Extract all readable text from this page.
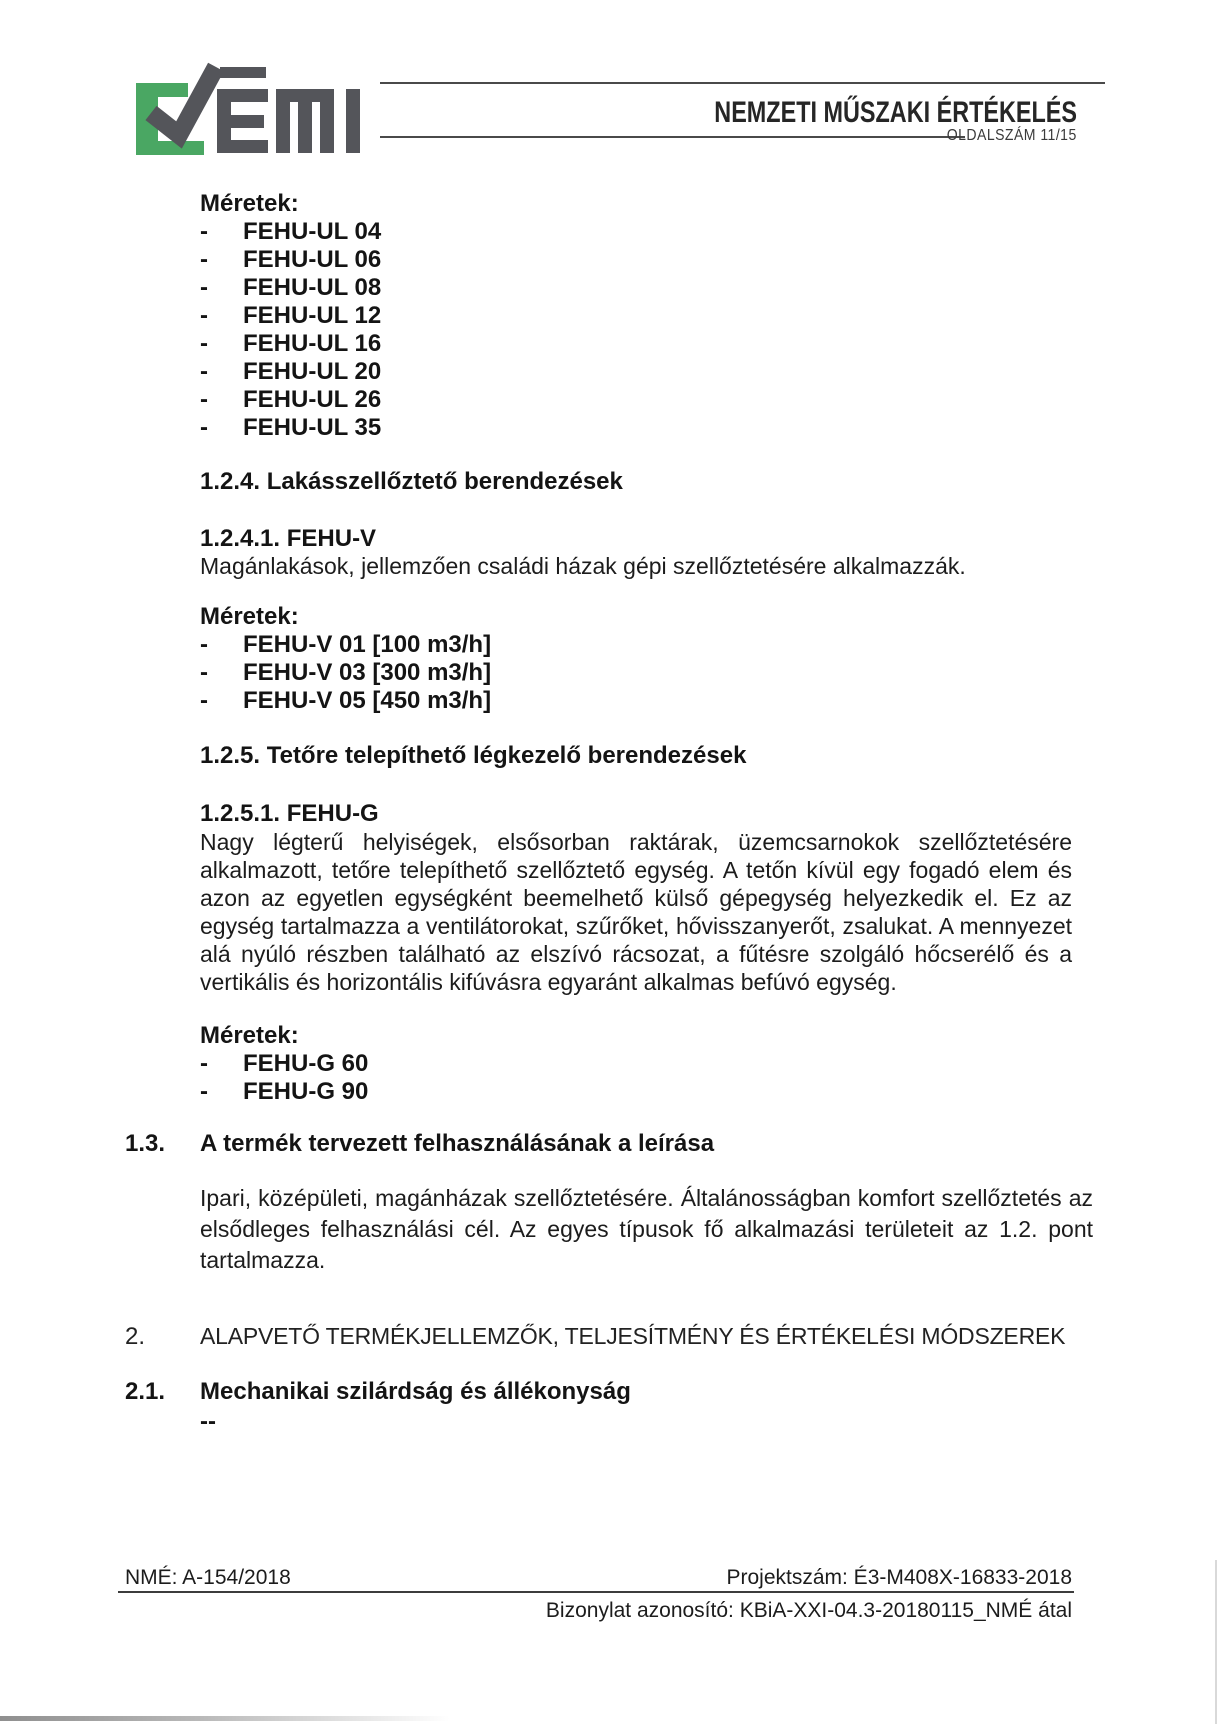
NEMZETI MŰSZAKI ÉRTÉKELÉS
OLDALSZÁM 11/15
Méretek:
-	FEHU-UL 04
-	FEHU-UL 06
-	FEHU-UL 08
-	FEHU-UL 12
-	FEHU-UL 16
-	FEHU-UL 20
-	FEHU-UL 26
-	FEHU-UL 35
1.2.4. Lakásszellőztető berendezések
1.2.4.1. FEHU-V
Magánlakások, jellemzően családi házak gépi szellőztetésére alkalmazzák.
Méretek:
-	FEHU-V 01 [100 m3/h]
-	FEHU-V 03 [300 m3/h]
-	FEHU-V 05 [450 m3/h]
1.2.5. Tetőre telepíthető légkezelő berendezések
1.2.5.1. FEHU-G
Nagy légterű helyiségek, elsősorban raktárak, üzemcsarnokok szellőztetésére alkalmazott, tetőre telepíthető szellőztető egység. A tetőn kívül egy fogadó elem és azon az egyetlen egységként beemelhető külső gépegység helyezkedik el. Ez az egység tartalmazza a ventilátorokat, szűrőket, hővisszanyerőt, zsalukat. A mennyezet alá nyúló részben található az elszívó rácsozat, a fűtésre szolgáló hőcserélő és a vertikális és horizontális kifúvásra egyaránt alkalmas befúvó egység.
Méretek:
-	FEHU-G 60
-	FEHU-G 90
1.3.	A termék tervezett felhasználásának a leírása
Ipari, középületi, magánházak szellőztetésére. Általánosságban komfort szellőztetés az elsődleges felhasználási cél. Az egyes típusok fő alkalmazási területeit az 1.2. pont tartalmazza.
2.	ALAPVETŐ TERMÉKJELLEMZŐK, TELJESÍTMÉNY ÉS ÉRTÉKELÉSI MÓDSZEREK
2.1.	Mechanikai szilárdság és állékonyság
--
NMÉ: A-154/2018	Projektszám: É3-M408X-16833-2018
Bizonylat azonosító: KBiA-XXI-04.3-20180115_NMÉ átal
